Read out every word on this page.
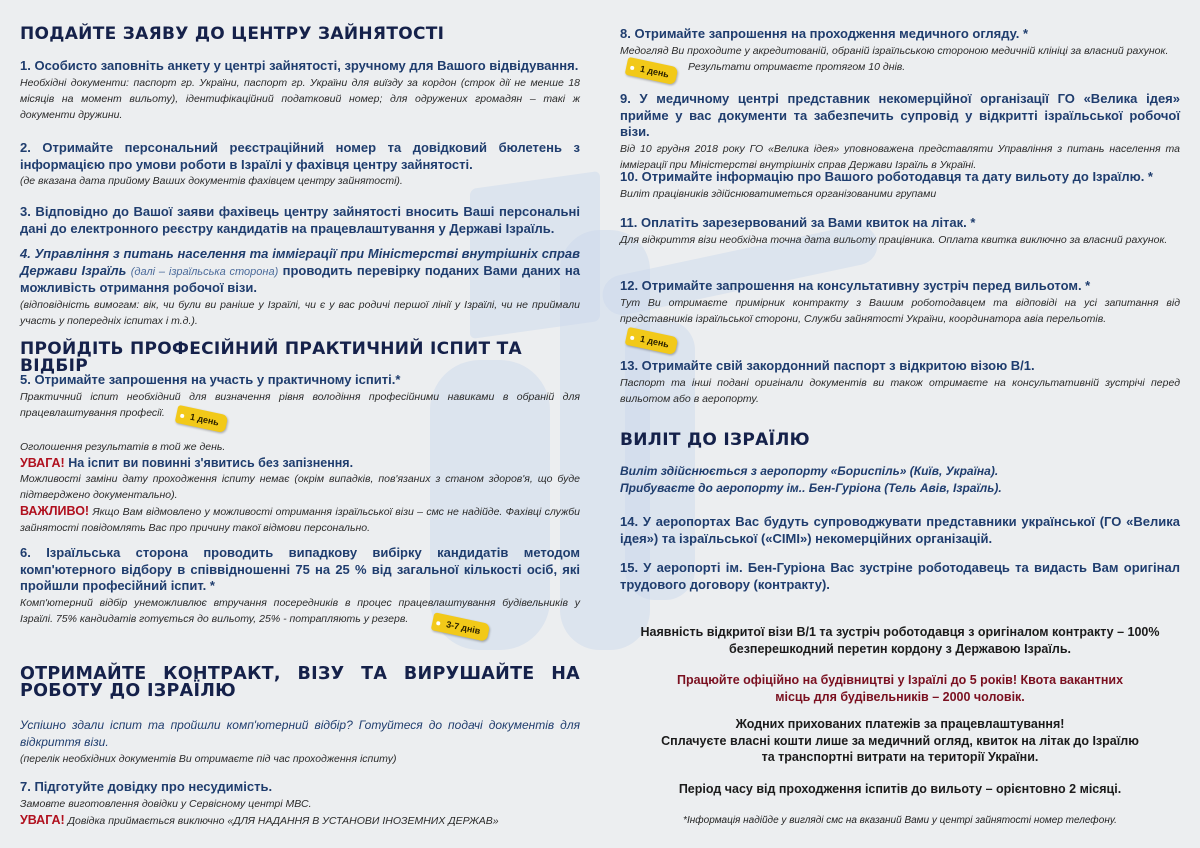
ПОДАЙТЕ ЗАЯВУ ДО ЦЕНТРУ ЗАЙНЯТОСТІ

1. Особисто заповніть анкету у центрі зайнятості, зручному для Вашого відвідування.

Необхідні документи: паспорт гр. України, паспорт гр. України для виїзду за кордон (строк дії не менше 18 місяців на момент вильоту), ідентифікаційний податковий номер; для одружених громадян – такі ж документи дружини.

2. Отримайте персональний реєстраційний номер та довідковий бюлетень з інформацією про умови роботи в Ізраїлі у фахівця центру зайнятості.

(де вказана дата прийому Ваших документів фахівцем центру зайнятості).

3. Відповідно до Вашої заяви фахівець центру зайнятості вносить Ваші персональні дані до електронного реєстру кандидатів на працевлаштування у Державі Ізраїль.

4. Управління з питань населення та імміграції при Міністерстві внутрішніх справ Держави Ізраїль (далі – ізраїльська сторона) проводить перевірку поданих Вами даних на можливість отримання робочої візи.

(відповідність вимогам: вік, чи були ви раніше у Ізраїлі, чи є у вас родичі першої лінії у Ізраїлі, чи не приймали участь у попередніх іспитах і т.д.).

ПРОЙДІТЬ ПРОФЕСІЙНИЙ ПРАКТИЧНИЙ ІСПИТ ТА ВІДБІР

5. Отримайте запрошення на участь у практичному іспиті.*

Практичний іспит необхідний для визначення рівня володіння професійними навиками в обраній для працевлаштування професії.

Оголошення результатів в той же день.

УВАГА! На іспит ви повинні з'явитись без запізнення.

Можливості заміни дату проходження іспиту немає (окрім випадків, пов'язаних з станом здоров'я, що буде підтверджено документально).

ВАЖЛИВО! Якщо Вам відмовлено у можливості отримання ізраїльської візи – смс не надійде. Фахівці служби зайнятості повідомлять Вас про причину такої відмови персонально.

1 день

6. Ізраїльська сторона проводить випадкову вибірку кандидатів методом комп'ютерного відбору в співвідношенні 75 на 25 % від загальної кількості осіб, які пройшли професійний іспит. *

Комп'ютерний відбір унеможливлює втручання посередників в процес працевлаштування будівельників у Ізраїлі. 75% кандидатів готується до вильоту, 25% - потрапляють у резерв.

3-7 днів
ОТРИМАЙТЕ КОНТРАКТ, ВІЗУ ТА ВИРУШАЙТЕ НА РОБОТУ ДО ІЗРАЇЛЮ

Успішно здали іспит та пройшли комп'ютерний відбір? Готуйтеся до подачі документів для відкриття візи.

(перелік необхідних документів Ви отримаєте під час проходження іспиту)

7. Підготуйте довідку про несудимість.

Замовте виготовлення довідки у Сервісному центрі МВС.

УВАГА! Довідка приймається виключно «ДЛЯ НАДАННЯ В УСТАНОВИ ІНОЗЕМНИХ ДЕРЖАВ»

8. Отримайте запрошення на проходження медичного огляду. *

Медогляд Ви проходите у акредитованій, обраній ізраїльською стороною медичній клініці за власний рахунок.

Результати отримаєте протягом 10 днів.

1 день

9. У медичному центрі представник некомерційної організації ГО «Велика ідея» прийме у вас документи та забезпечить супровід у відкритті ізраїльської робочої візи.

Від 10 грудня 2018 року ГО «Велика ідея» уповноважена представляти Управління з питань населення та імміграції при Міністерстві внутрішніх справ Держави Ізраїль в Україні.

10. Отримайте інформацію про Вашого роботодавця та дату вильоту до Ізраїлю. *

Виліт працівників здійснюватиметься організованими групами

11. Оплатіть зарезервований за Вами квиток на літак. *

Для відкриття візи необхідна точна дата вильоту працівника. Оплата квитка виключно за власний рахунок.

12. Отримайте запрошення на консультативну зустріч перед вильотом. *

Тут Ви отримаєте примірник контракту з Вашим роботодавцем та відповіді на усі запитання від представників ізраїльської сторони, Служби зайнятості України, координатора авіа перельотів.

1 день

13. Отримайте свій закордонний паспорт з відкритою візою В/1.

Паспорт та інші подані оригінали документів ви також отримаєте на консультативній зустрічі перед вильотом або в аеропорту.

ВИЛІТ ДО ІЗРАЇЛЮ

Виліт здійснюється з аеропорту «Бориспіль» (Київ, Україна).

Прибуваєте до аеропорту ім.. Бен-Гуріона (Тель Авів, Ізраїль).

14. У аеропортах Вас будуть супроводжувати представники української (ГО «Велика ідея») та ізраїльської («СІМІ») некомерційних організацій.

15. У аеропорті ім. Бен-Гуріона Вас зустріне роботодавець та видасть Вам оригінал трудового договору (контракту).

Наявність відкритої візи В/1 та зустріч роботодавця з оригіналом контракту – 100%
безперешкодний перетин кордону з Державою Ізраїль.
Працюйте офіційно на будівництві у Ізраїлі до 5 років! Квота вакантних
місць для будівельників – 2000 чоловік.
Жодних прихованих платежів за працевлаштування!
Сплачуєте власні кошти лише за медичний огляд, квиток на літак до Ізраїлю
та транспортні витрати на території України.
Період часу від проходження іспитів до вильоту – орієнтовно 2 місяці.
*Інформація надійде у вигляді смс на вказаний Вами у центрі зайнятості номер телефону.
